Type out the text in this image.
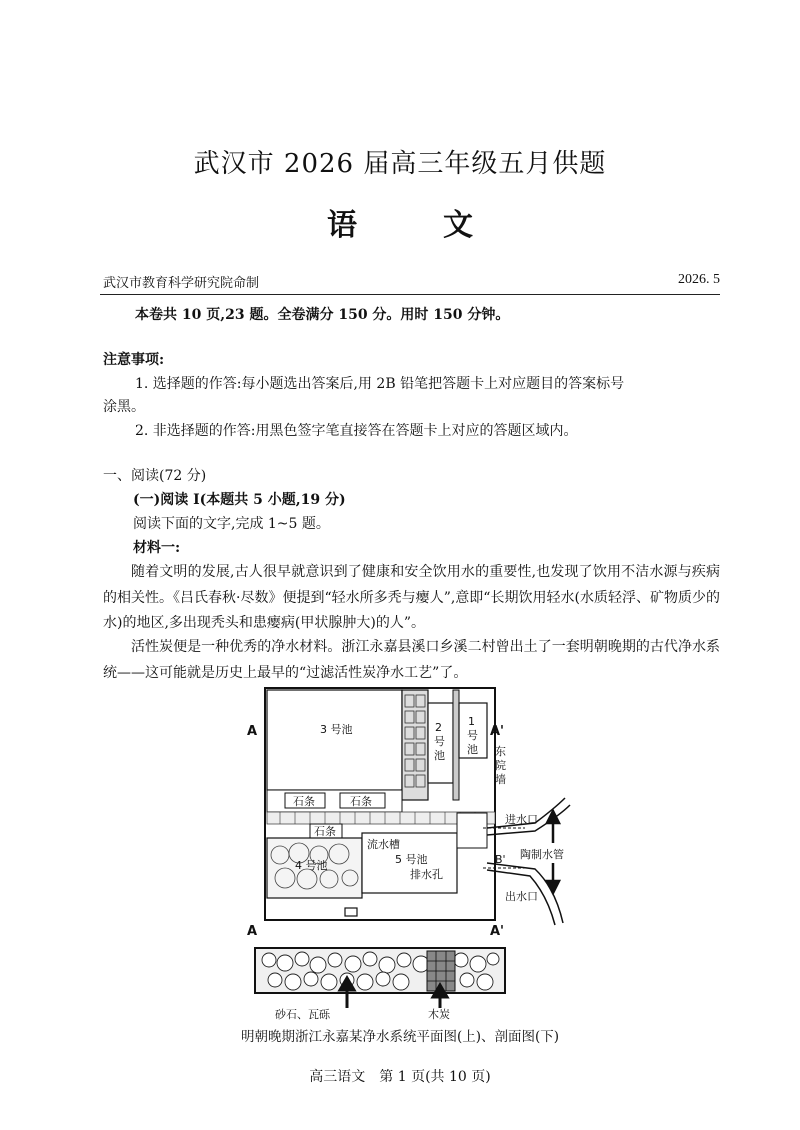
武汉市 2026 届高三年级五月供题
语　文
武汉市教育科学研究院命制	2026. 5
本卷共 10 页,23 题。全卷满分 150 分。用时 150 分钟。
注意事项:
1. 选择题的作答:每小题选出答案后,用 2B 铅笔把答题卡上对应题目的答案标号
涂黑。
2. 非选择题的作答:用黑色签字笔直接答在答题卡上对应的答题区域内。
一、阅读(72 分)
(一)阅读 I(本题共 5 小题,19 分)
阅读下面的文字,完成 1~5 题。
材料一:
随着文明的发展,古人很早就意识到了健康和安全饮用水的重要性,也发现了饮用不洁水源与疾病的相关性。《吕氏春秋·尽数》便提到“轻水所多秃与瘿人”,意即“长期饮用轻水(水质轻浮、矿物质少的水)的地区,多出现秃头和患瘿病(甲状腺肿大)的人”。
活性炭便是一种优秀的净水材料。浙江永嘉县溪口乡溪二村曾出土了一套明朝晚期的古代净水系统——这可能就是历史上最早的“过滤活性炭净水工艺”了。
A	A'
A	A'
3 号池	2
号
池
1
号
池 东
院
墙
石条	石条
石条
流水槽
4 号池	5 号池
排水孔
进水口
陶制水管
出水口
B'
砂石、瓦砾	木炭
明朝晚期浙江永嘉某净水系统平面图(上)、剖面图(下)
高三语文　第 1 页(共 10 页)
